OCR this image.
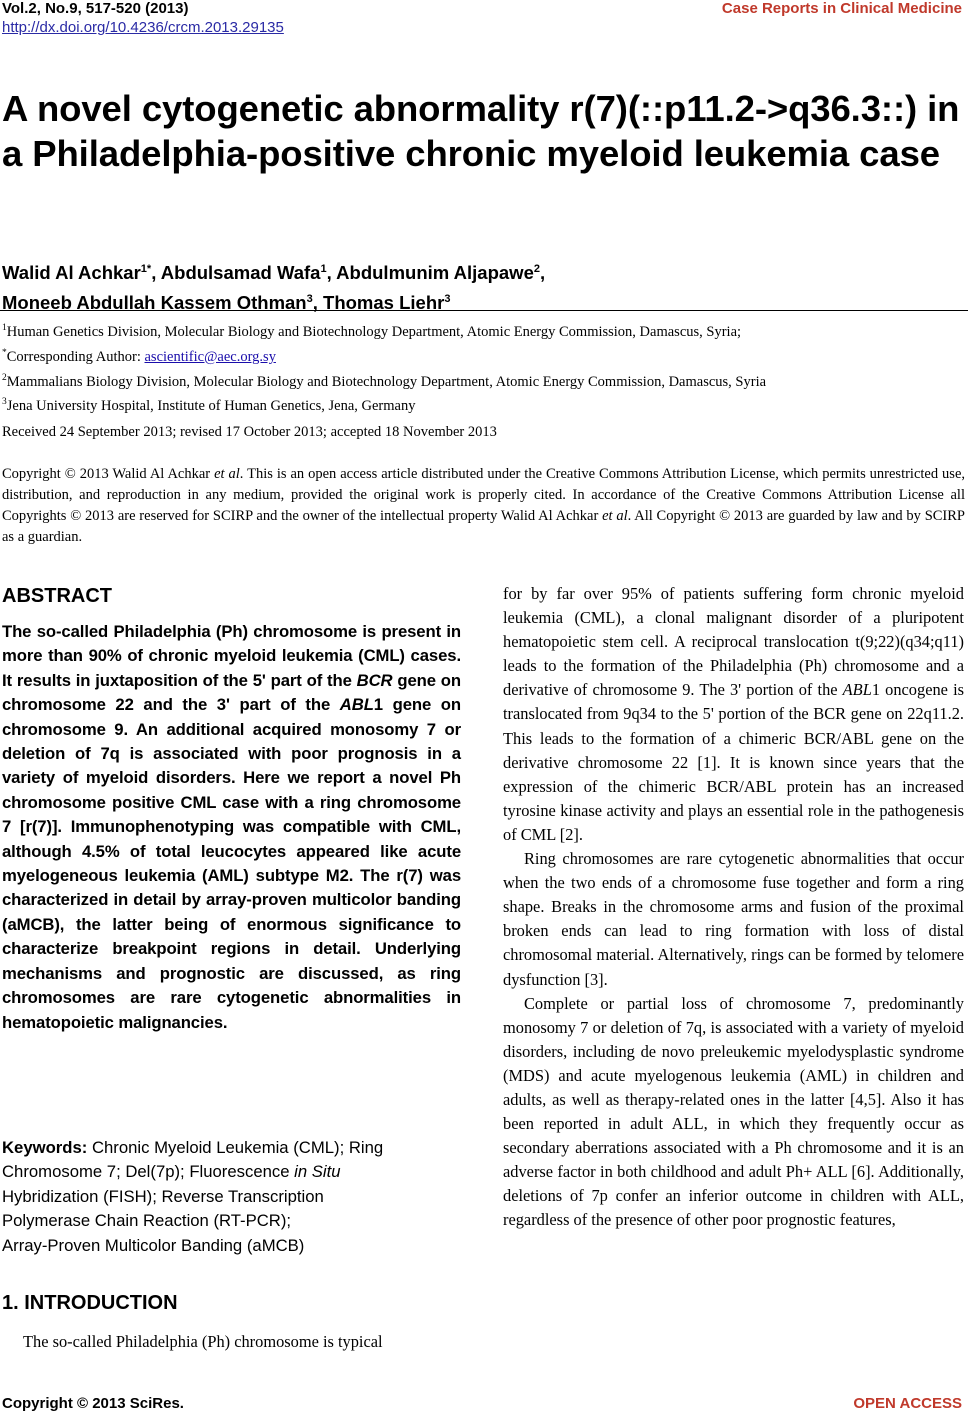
Vol.2, No.9, 517-520 (2013)
http://dx.doi.org/10.4236/crcm.2013.29135
Case Reports in Clinical Medicine
A novel cytogenetic abnormality r(7)(::p11.2->q36.3::) in a Philadelphia-positive chronic myeloid leukemia case
Walid Al Achkar$^{1*}$, Abdulsamad Wafa$^1$, Abdulmunim Aljapawe$^2$,
Moneeb Abdullah Kassem Othman$^3$, Thomas Liehr$^3$
$^1$Human Genetics Division, Molecular Biology and Biotechnology Department, Atomic Energy Commission, Damascus, Syria;
*Corresponding Author: ascientific@aec.org.sy
$^2$Mammalians Biology Division, Molecular Biology and Biotechnology Department, Atomic Energy Commission, Damascus, Syria
$^3$Jena University Hospital, Institute of Human Genetics, Jena, Germany
Received 24 September 2013; revised 17 October 2013; accepted 18 November 2013
Copyright © 2013 Walid Al Achkar et al. This is an open access article distributed under the Creative Commons Attribution License, which permits unrestricted use, distribution, and reproduction in any medium, provided the original work is properly cited. In accordance of the Creative Commons Attribution License all Copyrights © 2013 are reserved for SCIRP and the owner of the intellectual property Walid Al Achkar et al. All Copyright © 2013 are guarded by law and by SCIRP as a guardian.
ABSTRACT
The so-called Philadelphia (Ph) chromosome is present in more than 90% of chronic myeloid leukemia (CML) cases. It results in juxtaposition of the 5' part of the BCR gene on chromosome 22 and the 3' part of the ABL1 gene on chromosome 9. An additional acquired monosomy 7 or deletion of 7q is associated with poor prognosis in a variety of myeloid disorders. Here we report a novel Ph chromosome positive CML case with a ring chromosome 7 [r(7)]. Immunophenotyping was compatible with CML, although 4.5% of total leucocytes appeared like acute myelogeneous leukemia (AML) subtype M2. The r(7) was characterized in detail by array-proven multicolor banding (aMCB), the latter being of enormous significance to characterize breakpoint regions in detail. Underlying mechanisms and prognostic are discussed, as ring chromosomes are rare cytogenetic abnormalities in hematopoietic malignancies.
Keywords: Chronic Myeloid Leukemia (CML); Ring Chromosome 7; Del(7p); Fluorescence in Situ
Hybridization (FISH); Reverse Transcription
Polymerase Chain Reaction (RT-PCR);
Array-Proven Multicolor Banding (aMCB)
1. INTRODUCTION
The so-called Philadelphia (Ph) chromosome is typical

for by far over 95% of patients suffering form chronic myeloid leukemia (CML), a clonal malignant disorder of a pluripotent hematopoietic stem cell. A reciprocal translocation t(9;22)(q34;q11) leads to the formation of the Philadelphia (Ph) chromosome and a derivative of chromosome 9. The 3' portion of the ABL1 oncogene is translocated from 9q34 to the 5' portion of the BCR gene on 22q11.2. This leads to the formation of a chimeric BCR/ABL gene on the derivative chromosome 22 [1]. It is known since years that the expression of the chimeric BCR/ABL protein has an increased tyrosine kinase activity and plays an essential role in the pathogenesis of CML [2].

Ring chromosomes are rare cytogenetic abnormalities that occur when the two ends of a chromosome fuse together and form a ring shape. Breaks in the chromosome arms and fusion of the proximal broken ends can lead to ring formation with loss of distal chromosomal material. Alternatively, rings can be formed by telomere dysfunction [3].

Complete or partial loss of chromosome 7, predominantly monosomy 7 or deletion of 7q, is associated with a variety of myeloid disorders, including de novo preleukemic myelodysplastic syndrome (MDS) and acute myelogenous leukemia (AML) in children and adults, as well as therapy-related ones in the latter [4,5]. Also it has been reported in adult ALL, in which they frequently occur as secondary aberrations associated with a Ph chromosome and it is an adverse factor in both childhood and adult Ph+ ALL [6]. Additionally, deletions of 7p confer an inferior outcome in children with ALL, regardless of the presence of other poor prognostic features,

Copyright © 2013 SciRes.	OPEN ACCESS
